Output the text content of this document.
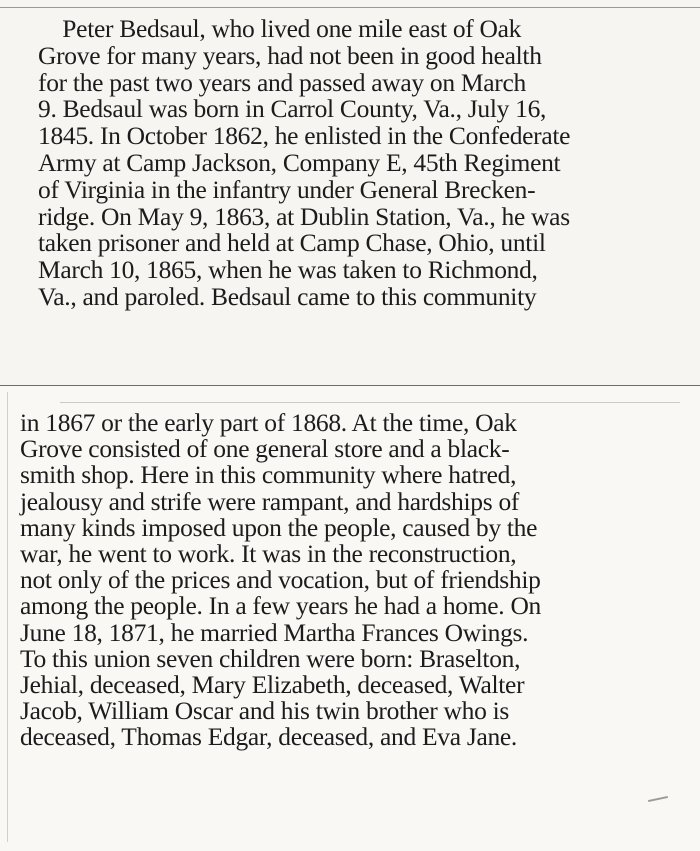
Peter Bedsaul, who lived one mile east of Oak
Grove for many years, had not been in good health
for the past two years and passed away on March
9. Bedsaul was born in Carrol County, Va., July 16,
1845. In October 1862, he enlisted in the Confederate
Army at Camp Jackson, Company E, 45th Regiment
of Virginia in the infantry under General Brecken-
ridge. On May 9, 1863, at Dublin Station, Va., he was
taken prisoner and held at Camp Chase, Ohio, until
March 10, 1865, when he was taken to Richmond,
Va., and paroled. Bedsaul came to this community

in 1867 or the early part of 1868. At the time, Oak
Grove consisted of one general store and a black-
smith shop. Here in this community where hatred,
jealousy and strife were rampant, and hardships of
many kinds imposed upon the people, caused by the
war, he went to work. It was in the reconstruction,
not only of the prices and vocation, but of friendship
among the people. In a few years he had a home. On
June 18, 1871, he married Martha Frances Owings.
To this union seven children were born: Braselton,
Jehial, deceased, Mary Elizabeth, deceased, Walter
Jacob, William Oscar and his twin brother who is
deceased, Thomas Edgar, deceased, and Eva Jane.
